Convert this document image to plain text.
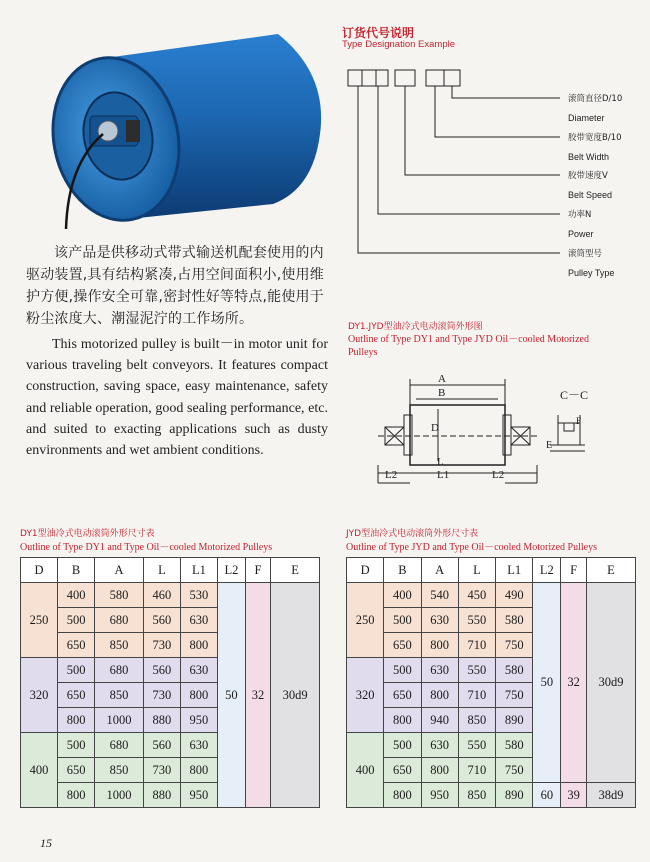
订货代号说明
Type Designation Example
滚筒直径D/10
Diameter
胶带宽度B/10
Belt Width
胶带速度V
Belt Speed
功率N
Power
滚筒型号
Pulley Type
该产品是供移动式带式输送机配套使用的内驱动装置,具有结构紧凑,占用空间面积小,使用维护方便,操作安全可靠,密封性好等特点,能使用于粉尘浓度大、潮湿泥泞的工作场所。
This motorized pulley is built－in motor unit for various traveling belt conveyors. It features compact construction, saving space, easy maintenance, safety and reliable operation, good sealing performance, etc. and suited to exacting applications such as dusty environments and wet ambient conditions.
DY1.JYD型油冷式电动滚筒外形图
Outline of Type DY1 and Type JYD Oil－cooled Motorized Pulleys
C－C
A
B
D
L
L1
L2	L2
E
F
DY1型油冷式电动滚筒外形尺寸表
Outline of Type DY1 and Type Oil－cooled Motorized Pulleys
D	B	A	L	L1	L2	F	E
250	400	580	460	530	50	32	30d9
	500	680	560	630			
	650	850	730	800			
320	500	680	560	630			
	650	850	730	800			
	800	1000	880	950			
400	500	680	560	630			
	650	850	730	800			
	800	1000	880	950			
JYD型油冷式电动滚筒外形尺寸表
Outline of Type JYD and Type Oil－cooled Motorized Pulleys
D	B	A	L	L1	L2	F	E
250	400	540	450	490	50	32	30d9
	500	630	550	580			
	650	800	710	750			
320	500	630	550	580			
	650	800	710	750			
	800	940	850	890			
400	500	630	550	580			
	650	800	710	750			
	800	950	850	890	60	39	38d9
15
